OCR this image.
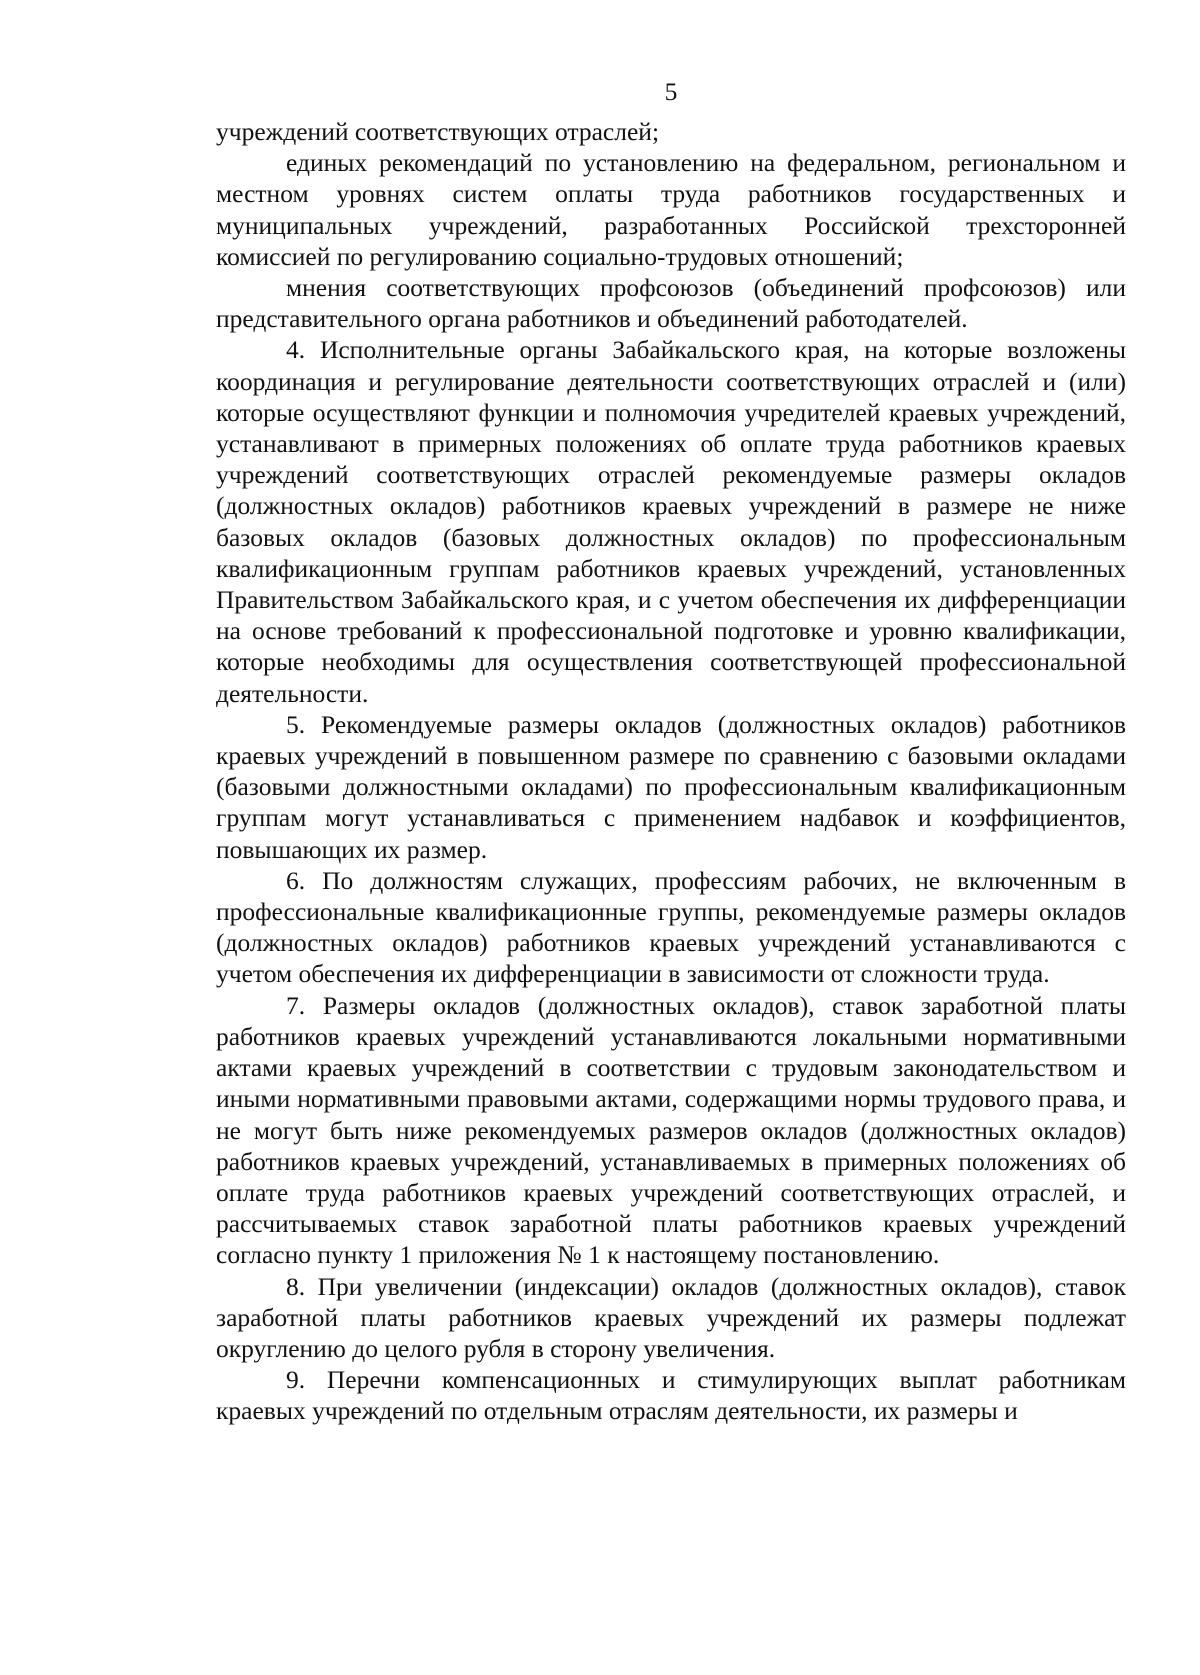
5

учреждений соответствующих отраслей;

единых рекомендаций по установлению на федеральном, региональном и местном уровнях систем оплаты труда работников государственных и муниципальных учреждений, разработанных Российской трехсторонней комиссией по регулированию социально-трудовых отношений;

мнения соответствующих профсоюзов (объединений профсоюзов) или представительного органа работников и объединений работодателей.

4. Исполнительные органы Забайкальского края, на которые возложены координация и регулирование деятельности соответствующих отраслей и (или) которые осуществляют функции и полномочия учредителей краевых учреждений, устанавливают в примерных положениях об оплате труда работников краевых учреждений соответствующих отраслей рекомендуемые размеры окладов (должностных окладов) работников краевых учреждений в размере не ниже базовых окладов (базовых должностных окладов) по профессиональным квалификационным группам работников краевых учреждений, установленных Правительством Забайкальского края, и с учетом обеспечения их дифференциации на основе требований к профессиональной подготовке и уровню квалификации, которые необходимы для осуществления соответствующей профессиональной деятельности.

5. Рекомендуемые размеры окладов (должностных окладов) работников краевых учреждений в повышенном размере по сравнению с базовыми окладами (базовыми должностными окладами) по профессиональным квалификационным группам могут устанавливаться с применением надбавок и коэффициентов, повышающих их размер.

6. По должностям служащих, профессиям рабочих, не включенным в профессиональные квалификационные группы, рекомендуемые размеры окладов (должностных окладов) работников краевых учреждений устанавливаются с учетом обеспечения их дифференциации в зависимости от сложности труда.

7. Размеры окладов (должностных окладов), ставок заработной платы работников краевых учреждений устанавливаются локальными нормативными актами краевых учреждений в соответствии с трудовым законодательством и иными нормативными правовыми актами, содержащими нормы трудового права, и не могут быть ниже рекомендуемых размеров окладов (должностных окладов) работников краевых учреждений, устанавливаемых в примерных положениях об оплате труда работников краевых учреждений соответствующих отраслей, и рассчитываемых ставок заработной платы работников краевых учреждений согласно пункту 1 приложения № 1 к настоящему постановлению.

8. При увеличении (индексации) окладов (должностных окладов), ставок заработной платы работников краевых учреждений их размеры подлежат округлению до целого рубля в сторону увеличения.

9. Перечни компенсационных и стимулирующих выплат работникам краевых учреждений по отдельным отраслям деятельности, их размеры и
